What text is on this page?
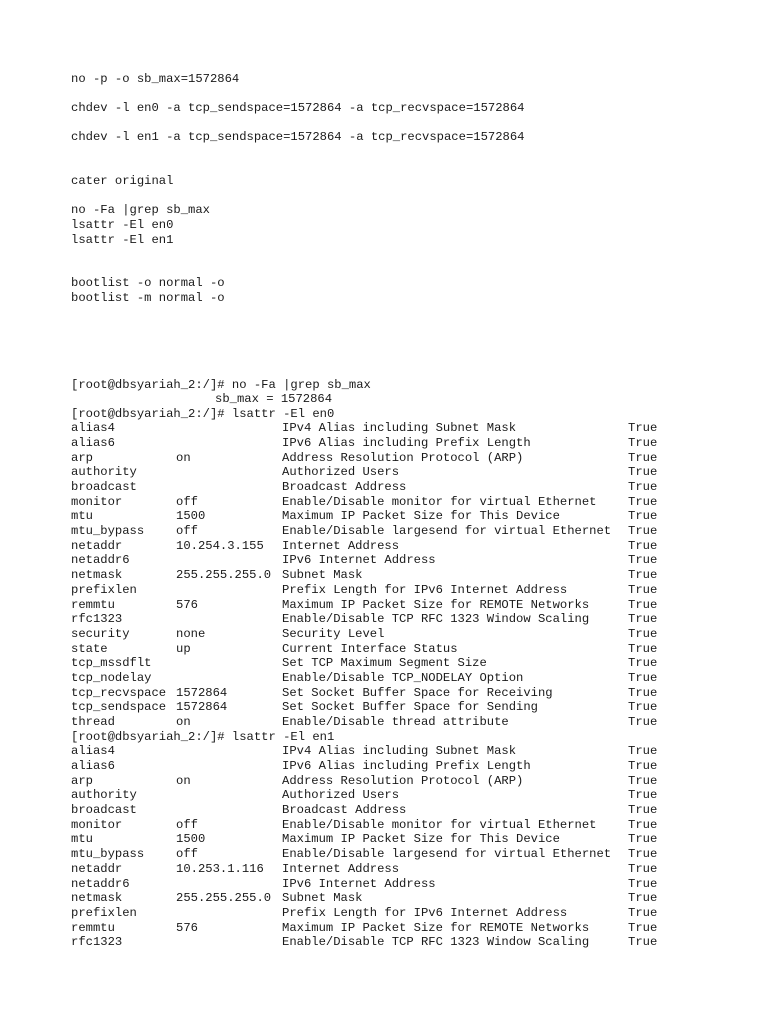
no -p -o sb_max=1572864
chdev -l en0 -a tcp_sendspace=1572864 -a tcp_recvspace=1572864
chdev -l en1 -a tcp_sendspace=1572864 -a tcp_recvspace=1572864
cater original
no -Fa |grep sb_max
lsattr -El en0
lsattr -El en1
bootlist -o normal -o
bootlist -m normal -o
[root@dbsyariah_2:/]# no -Fa |grep sb_max
sb_max = 1572864
[root@dbsyariah_2:/]# lsattr -El en0
alias4	IPv4 Alias including Subnet Mask	True
alias6	IPv6 Alias including Prefix Length	True
arp	on	Address Resolution Protocol (ARP)	True
authority	Authorized Users	True
broadcast	Broadcast Address	True
monitor	off	Enable/Disable monitor for virtual Ethernet	True
mtu	1500	Maximum IP Packet Size for This Device	True
mtu_bypass	off	Enable/Disable largesend for virtual Ethernet	True
netaddr	10.254.3.155	Internet Address	True
netaddr6	IPv6 Internet Address	True
netmask	255.255.255.0 Subnet Mask	True
prefixlen	Prefix Length for IPv6 Internet Address	True
remmtu	576	Maximum IP Packet Size for REMOTE Networks	True
rfc1323	Enable/Disable TCP RFC 1323 Window Scaling	True
security	none	Security Level	True
state	up	Current Interface Status	True
tcp_mssdflt	Set TCP Maximum Segment Size	True
tcp_nodelay	Enable/Disable TCP_NODELAY Option	True
tcp_recvspace 1572864	Set Socket Buffer Space for Receiving	True
tcp_sendspace 1572864	Set Socket Buffer Space for Sending	True
thread	on	Enable/Disable thread attribute	True
[root@dbsyariah_2:/]# lsattr -El en1
alias4	IPv4 Alias including Subnet Mask	True
alias6	IPv6 Alias including Prefix Length	True
arp	on	Address Resolution Protocol (ARP)	True
authority	Authorized Users	True
broadcast	Broadcast Address	True
monitor	off	Enable/Disable monitor for virtual Ethernet	True
mtu	1500	Maximum IP Packet Size for This Device	True
mtu_bypass	off	Enable/Disable largesend for virtual Ethernet	True
netaddr	10.253.1.116	Internet Address	True
netaddr6	IPv6 Internet Address	True
netmask	255.255.255.0 Subnet Mask	True
prefixlen	Prefix Length for IPv6 Internet Address	True
remmtu	576	Maximum IP Packet Size for REMOTE Networks	True
rfc1323	Enable/Disable TCP RFC 1323 Window Scaling	True
